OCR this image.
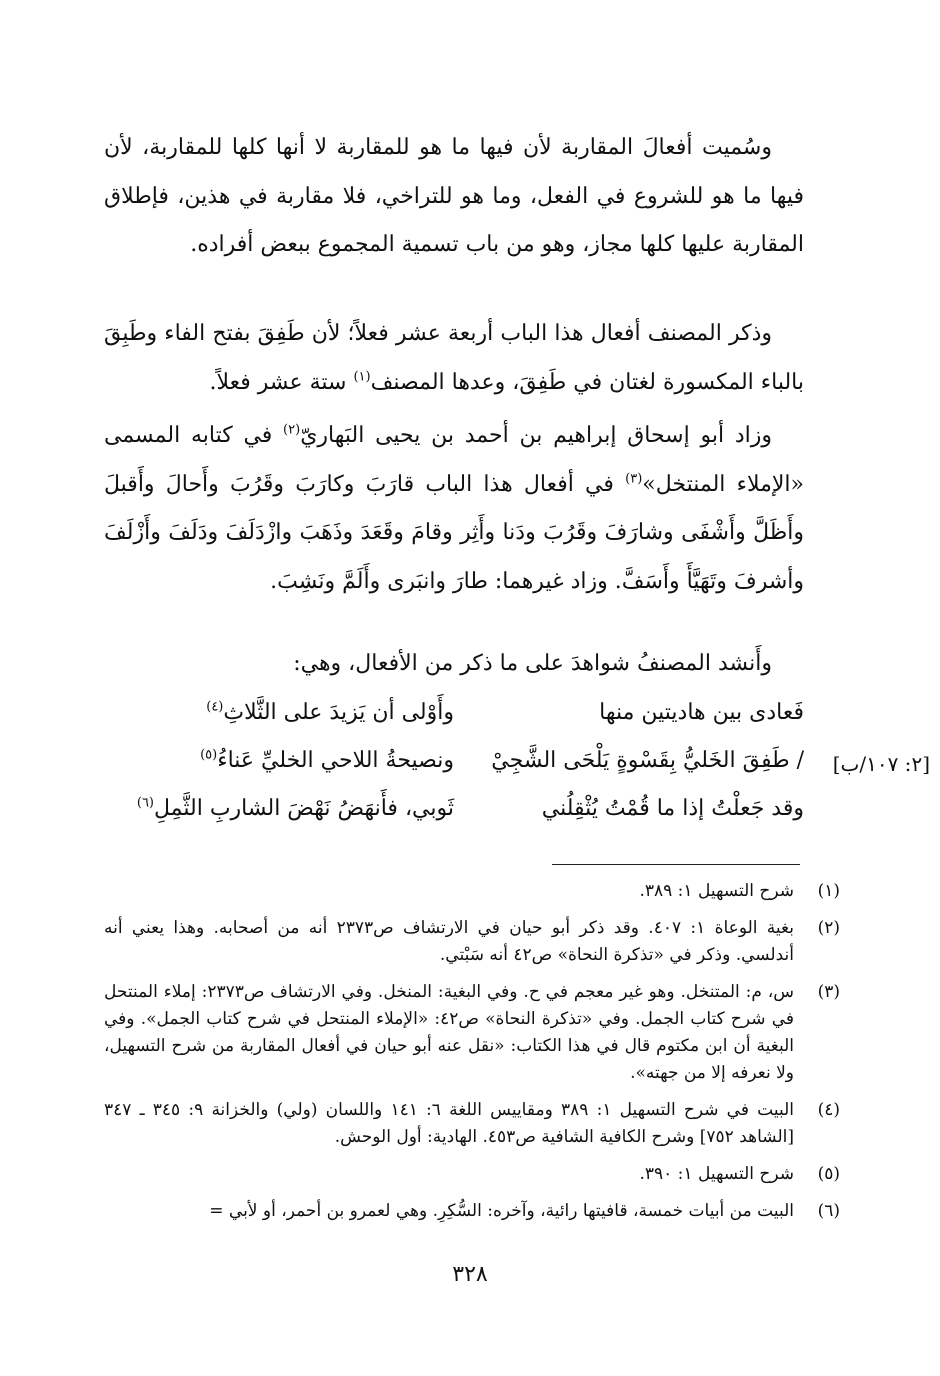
وسُميت أفعالَ المقاربة لأن فيها ما هو للمقاربة لا أنها كلها للمقاربة، لأن فيها ما هو للشروع في الفعل، وما هو للتراخي، فلا مقاربة في هذين، فإطلاق المقاربة عليها كلها مجاز، وهو من باب تسمية المجموع ببعض أفراده.

وذكر المصنف أفعال هذا الباب أربعة عشر فعلاً؛ لأن طَفِقَ بفتح الفاء وطَبِقَ بالباء المكسورة لغتان في طَفِقَ، وعدها المصنف$^{(١)}$ ستة عشر فعلاً.

وزاد أبو إسحاق إبراهيم بن أحمد بن يحيى البَهاريّ$^{(٢)}$ في كتابه المسمى «الإملاء المنتخل»$^{(٣)}$ في أفعال هذا الباب قارَبَ وكارَبَ وقَرُبَ وأَحالَ وأَقبلَ وأَظَلَّ وأَشْفَى وشارَفَ وقَرُبَ ودَنا وأَثِر وقامَ وقَعَدَ وذَهَبَ وازْدَلَفَ ودَلَفَ وأَزْلَفَ وأشرفَ وتَهَيَّأَ وأَسَفَّ. وزاد غيرهما: طارَ وانبَرى وأَلَمَّ ونَشِبَ.

وأَنشد المصنفُ شواهدَ على ما ذكر من الأفعال، وهي:

فَعادى بين هاديتين منها
وأَوْلى أن يَزيدَ على الثَّلاثِ$^{(٤)}$
/ طَفِقَ الخَليُّ بِقَسْوةٍ يَلْحَى الشَّجِيْ
ونصيحةُ اللاحي الخليِّ عَناءُ$^{(٥)}$
وقد جَعلْتُ إذا ما قُمْتُ يُثْقِلُني
ثَوبي، فأَنهَضُ نَهْضَ الشاربِ الثَّمِلِ$^{(٦)}$
[٢: ١٠٧/ب]
(١)
شرح التسهيل ١: ٣٨٩.
(٢)
بغية الوعاة ١: ٤٠٧. وقد ذكر أبو حيان في الارتشاف ص٢٣٧٣ أنه من أصحابه. وهذا يعني أنه أندلسي. وذكر في «تذكرة النحاة» ص٤٢ أنه سَبْتي.
(٣)
س، م: المتنخل. وهو غير معجم في ح. وفي البغية: المنخل. وفي الارتشاف ص٢٣٧٣: إملاء المنتحل في شرح كتاب الجمل. وفي «تذكرة النحاة» ص٤٢: «الإملاء المنتحل في شرح كتاب الجمل». وفي البغية أن ابن مكتوم قال في هذا الكتاب: «نقل عنه أبو حيان في أفعال المقاربة من شرح التسهيل، ولا نعرفه إلا من جهته».
(٤)
البيت في شرح التسهيل ١: ٣٨٩ ومقاييس اللغة ٦: ١٤١ واللسان (ولي) والخزانة ٩: ٣٤٥ ـ ٣٤٧ [الشاهد ٧٥٢] وشرح الكافية الشافية ص٤٥٣. الهادية: أول الوحش.
(٥)
شرح التسهيل ١: ٣٩٠.
(٦)
البيت من أبيات خمسة، قافيتها رائية، وآخره: السُّكِرِ. وهي لعمرو بن أحمر، أو لأبي =
٣٢٨
